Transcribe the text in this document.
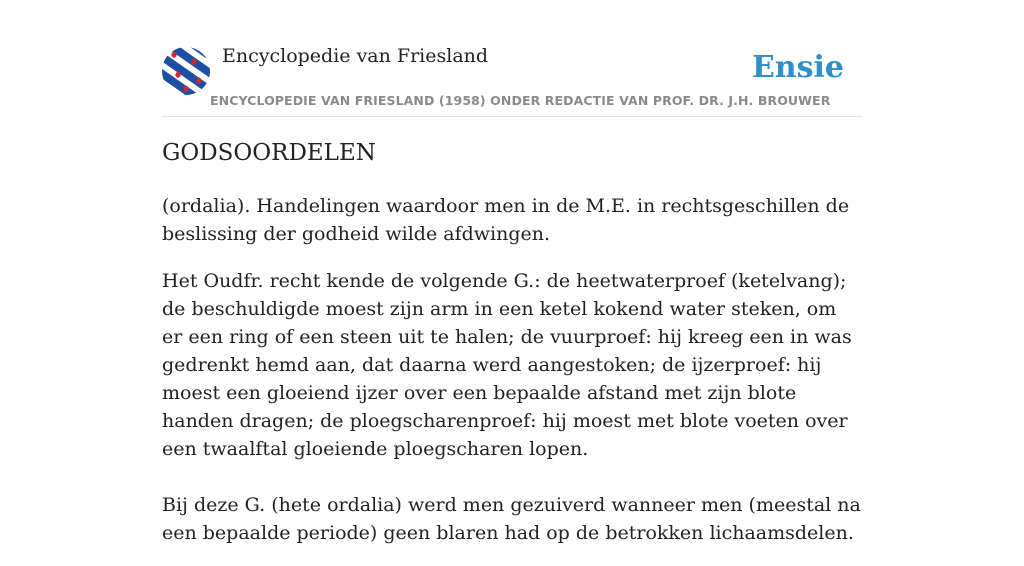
Encyclopedie van Friesland
ENCYCLOPEDIE VAN FRIESLAND (1958) ONDER REDACTIE VAN PROF. DR. J.H. BROUWER
Ensie
GODSOORDELEN

(ordalia). Handelingen waardoor men in de M.E. in rechtsgeschillen de beslissing der godheid wilde afdwingen.

Het Oudfr. recht kende de volgende G.: de heetwaterproef (ketelvang); de beschuldigde moest zijn arm in een ketel kokend water steken, om er een ring of een steen uit te halen; de vuurproef: hij kreeg een in was gedrenkt hemd aan, dat daarna werd aangestoken; de ijzerproef: hij moest een gloeiend ijzer over een bepaalde afstand met zijn blote handen dragen; de ploegscharenproef: hij moest met blote voeten over een twaalftal gloeiende ploegscharen lopen.

Bij deze G. (hete ordalia) werd men gezuiverd wanneer men (meestal na een bepaalde periode) geen blaren had op de betrokken lichaamsdelen.
